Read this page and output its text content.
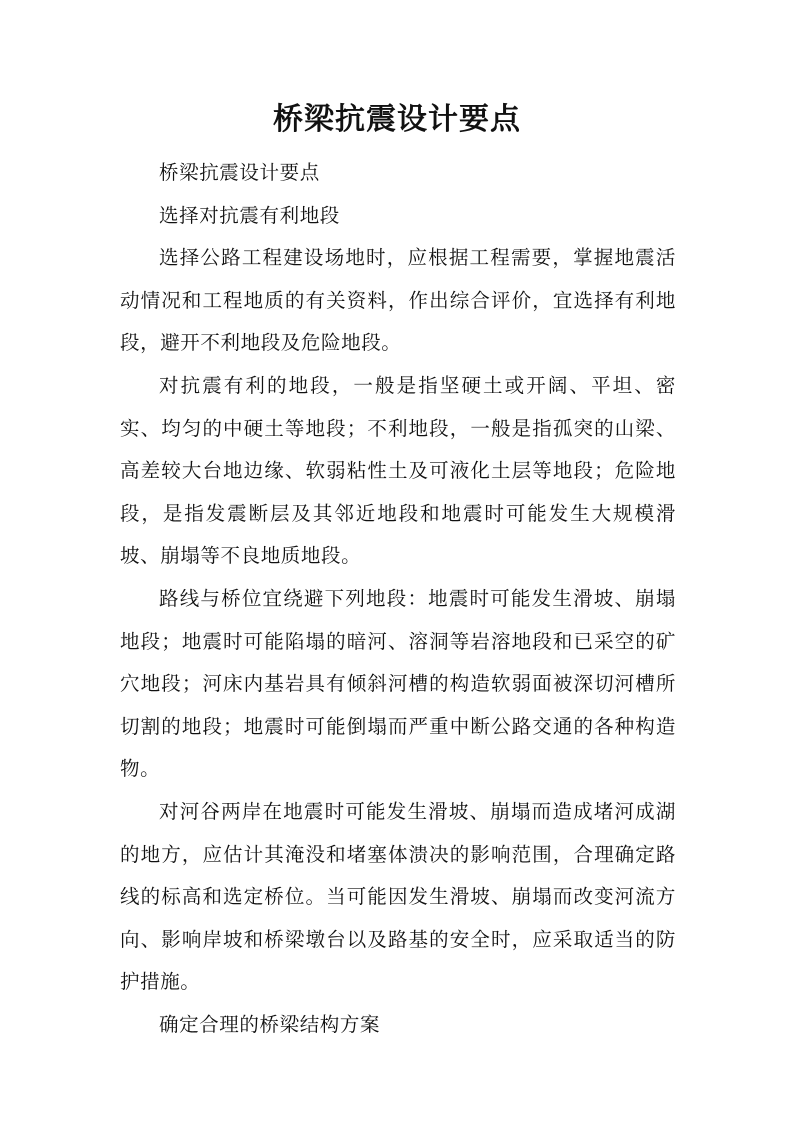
桥梁抗震设计要点

桥梁抗震设计要点

选择对抗震有利地段

选择公路工程建设场地时，应根据工程需要，掌握地震活动情况和工程地质的有关资料，作出综合评价，宜选择有利地段，避开不利地段及危险地段。

对抗震有利的地段，一般是指坚硬土或开阔、平坦、密实、均匀的中硬土等地段；不利地段，一般是指孤突的山梁、高差较大台地边缘、软弱粘性土及可液化土层等地段；危险地段，是指发震断层及其邻近地段和地震时可能发生大规模滑坡、崩塌等不良地质地段。

路线与桥位宜绕避下列地段：地震时可能发生滑坡、崩塌地段；地震时可能陷塌的暗河、溶洞等岩溶地段和已采空的矿穴地段；河床内基岩具有倾斜河槽的构造软弱面被深切河槽所切割的地段；地震时可能倒塌而严重中断公路交通的各种构造物。

对河谷两岸在地震时可能发生滑坡、崩塌而造成堵河成湖的地方，应估计其淹没和堵塞体溃决的影响范围，合理确定路线的标高和选定桥位。当可能因发生滑坡、崩塌而改变河流方向、影响岸坡和桥梁墩台以及路基的安全时，应采取适当的防护措施。

确定合理的桥梁结构方案
